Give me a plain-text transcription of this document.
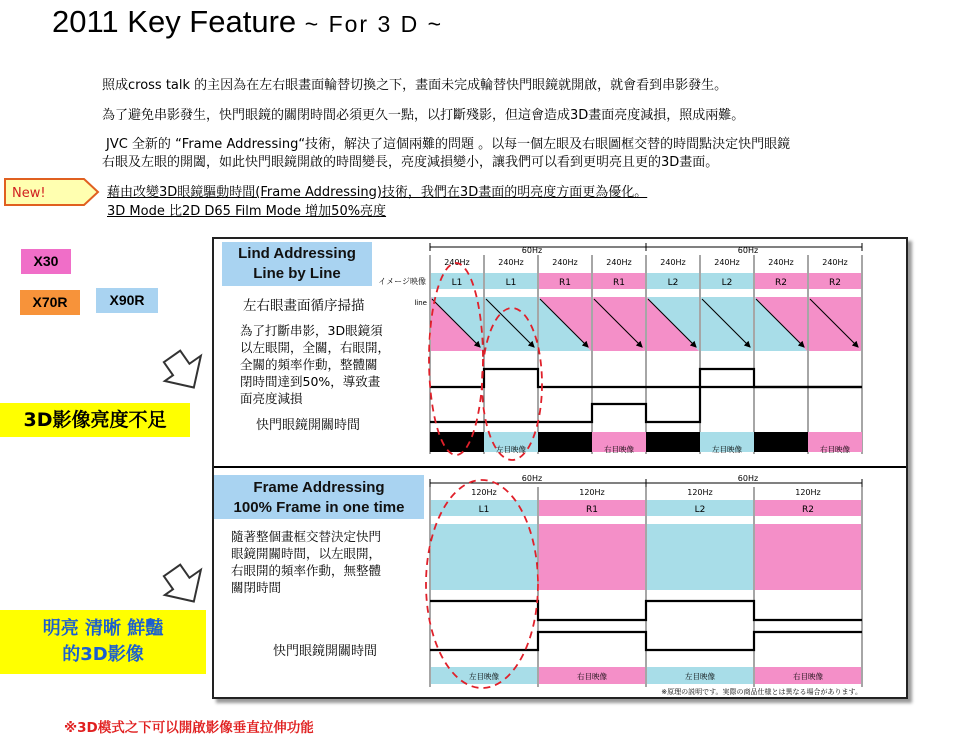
2011 Key Feature ~ For 3 D ~
照成cross talk 的主因為在左右眼畫面輪替切換之下，畫面未完成輪替快門眼鏡就開啟，就會看到串影發生。
為了避免串影發生，快門眼鏡的關閉時間必須更久一點，以打斷殘影，但這會造成3D畫面亮度減損，照成兩難。
JVC 全新的 “Frame Addressing“技術，解決了這個兩難的問題 。以每一個左眼及右眼圖框交替的時間點決定快門眼鏡
右眼及左眼的開闔，如此快門眼鏡開啟的時間變長，亮度減損變小，讓我們可以看到更明亮且更的3D畫面。
New!	藉由改變3D眼鏡驅動時間(Frame Addressing)技術，我們在3D畫面的明亮度方面更為優化。
3D Mode 比2D D65 Film Mode 增加50%亮度
X30
X70R	X90R
3D影像亮度不足
明亮 清晰 鮮豔
的3D影像
60Hz	60Hz
240Hz	240Hz	240Hz	240Hz	240Hz	240Hz	240Hz	240Hz
イメージ映像	L1	L1	R1	R1	L2	L2	R2	R2
line
左目映像	右目映像	左目映像	右目映像
60Hz	60Hz
120Hz	120Hz	120Hz	120Hz
L1	R1	L2	R2
左目映像	右目映像	左目映像	右目映像
※原理の説明です。実際の商品仕様とは異なる場合があります。
Lind Addressing
Line by Line
左右眼畫面循序掃描
為了打斷串影，3D眼鏡須
以左眼開，全關，右眼開，
全關的頻率作動，整體關
閉時間達到50%，導致畫
面亮度減損
快門眼鏡開關時間
Frame Addressing
100% Frame in one time
隨著整個畫框交替決定快門
眼鏡開關時間，以左眼開，
右眼開的頻率作動，無整體
關閉時間
快門眼鏡開關時間
※3D模式之下可以開啟影像垂直拉伸功能
